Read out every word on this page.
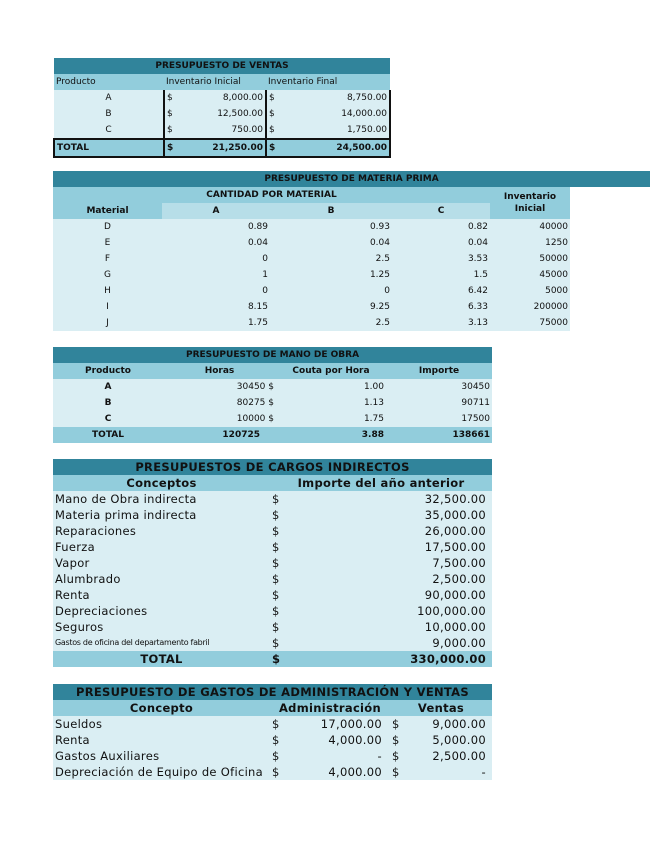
PRESUPUESTO DE VENTAS		
Producto	Inventario Inicial	Inventario Final
A	$ 8,000.00	$ 8,750.00

B	$ 12,500.00	$ 14,000.00

C	$ 750.00	$ 1,750.00

TOTAL	$ 21,250.00	$ 24,500.00
PRESUPUESTO DE MATERIA PRIMA					
CANTIDAD POR MATERIAL				Inventario Inicial	
Material	A	B	C		
D	0.89	0.93	0.82	40000	
E	0.04	0.04	0.04	1250	
F	0	2.5	3.53	50000	
G	1	1.25	1.5	45000	
H	0	0	6.42	5000	
I	8.15	9.25	6.33	200000	
J	1.75	2.5	3.13	75000	
PRESUPUESTO DE MANO DE OBRA			
Producto	Horas	Couta por Hora	Importe
A	30450 $	1.00	30450
B	80275 $	1.13	90711
C	10000 $	1.75	17500
TOTAL	120725	3.88	138661
PRESUPUESTOS DE CARGOS INDIRECTOS		
Conceptos	Importe del año anterior	
Mano de Obra indirecta	$	32,500.00
Materia prima indirecta	$	35,000.00
Reparaciones	$	26,000.00
Fuerza	$	17,500.00
Vapor	$	7,500.00
Alumbrado	$	2,500.00
Renta	$	90,000.00
Depreciaciones	$	100,000.00
Seguros	$	10,000.00
Gastos de oficina del departamento fabril	$	9,000.00
TOTAL	$	330,000.00
PRESUPUESTO DE GASTOS DE ADMINISTRACIÓN Y VENTAS				
Concepto	Administración		Ventas	
Sueldos	$	17,000.00	$	9,000.00
Renta	$	4,000.00	$	5,000.00
Gastos Auxiliares	$	-	$	2,500.00
Depreciación de Equipo de Oficina	$	4,000.00	$	-
